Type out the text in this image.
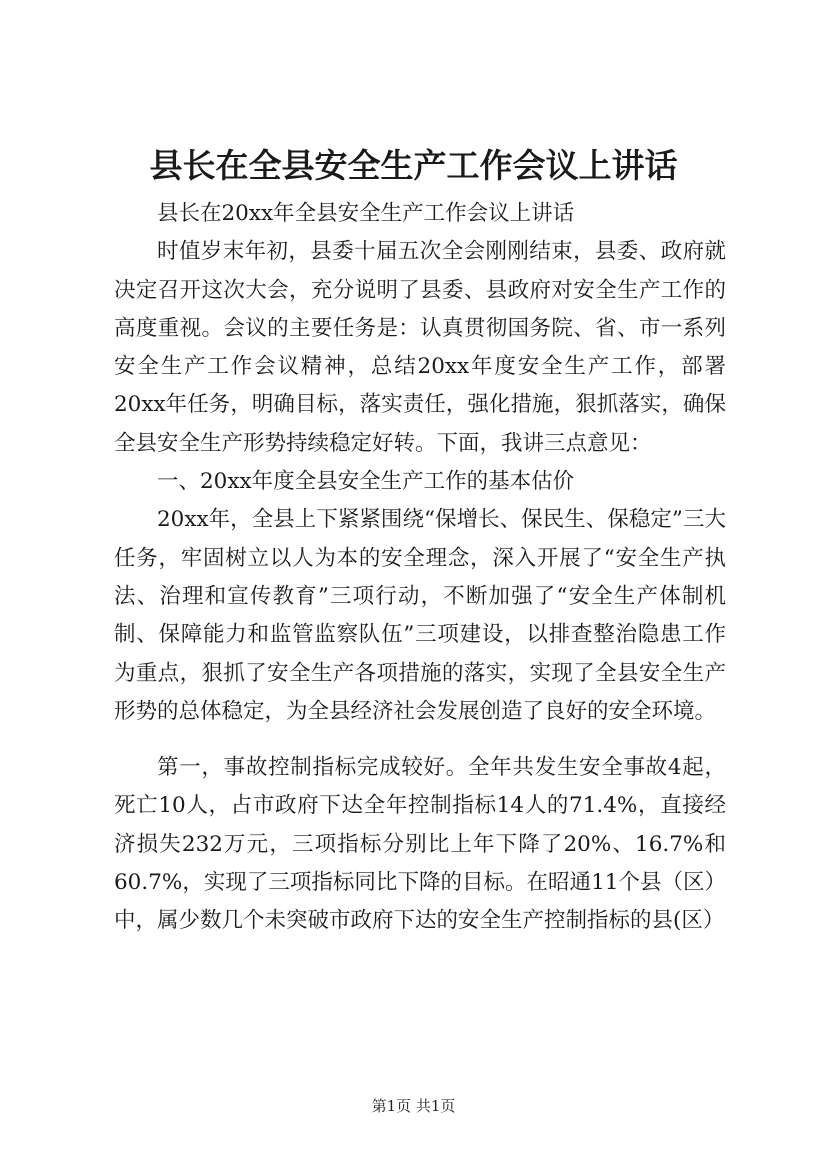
县长在全县安全生产工作会议上讲话

县长在20xx年全县安全生产工作会议上讲话

时值岁末年初，县委十届五次全会刚刚结束，县委、政府就决定召开这次大会，充分说明了县委、县政府对安全生产工作的高度重视。会议的主要任务是：认真贯彻国务院、省、市一系列安全生产工作会议精神，总结20xx年度安全生产工作，部署20xx年任务，明确目标，落实责任，强化措施，狠抓落实，确保全县安全生产形势持续稳定好转。下面，我讲三点意见：

一、20xx年度全县安全生产工作的基本估价

20xx年，全县上下紧紧围绕“保增长、保民生、保稳定”三大任务，牢固树立以人为本的安全理念，深入开展了“安全生产执法、治理和宣传教育”三项行动，不断加强了“安全生产体制机制、保障能力和监管监察队伍”三项建设，以排查整治隐患工作为重点，狠抓了安全生产各项措施的落实，实现了全县安全生产形势的总体稳定，为全县经济社会发展创造了良好的安全环境。

第一，事故控制指标完成较好。全年共发生安全事故4起，死亡10人，占市政府下达全年控制指标14人的71.4%，直接经济损失232万元，三项指标分别比上年下降了20%、16.7%和60.7%，实现了三项指标同比下降的目标。在昭通11个县（区）中，属少数几个未突破市政府下达的安全生产控制指标的县(区）

第1页 共1页
